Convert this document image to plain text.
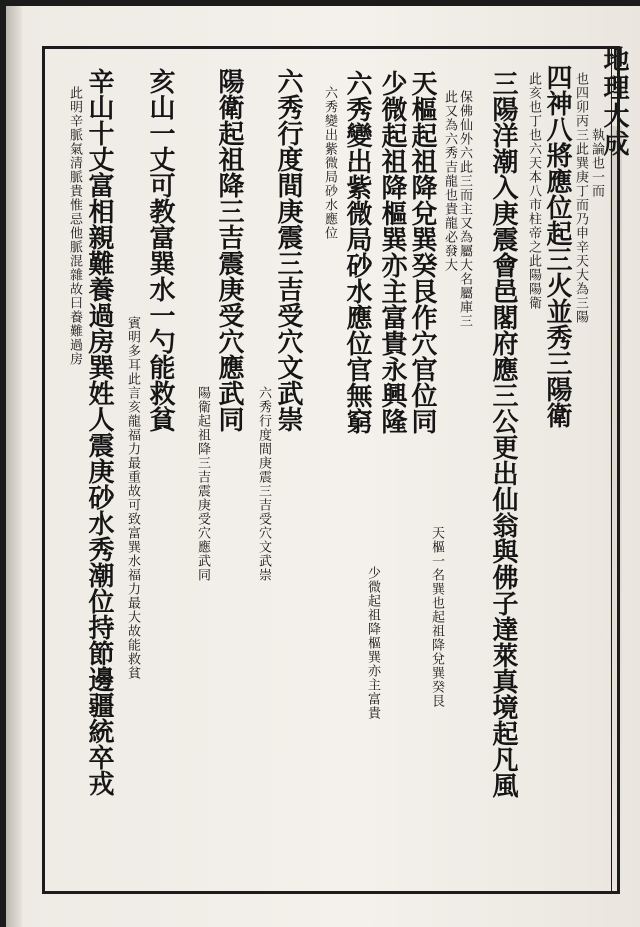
地理大成
四神八將應位起三火並秀三陽衛
三陽洋潮入庚震會邑閣府應三公更出仙翁與佛子達萊真境起凡風
天樞起祖降兌巽癸艮作穴官位同
少微起祖降樞巽亦主富貴永興隆
六秀變出紫微局砂水應位官無窮
六秀行度間庚震三吉受穴文武崇
陽衛起祖降三吉震庚受穴應武同
亥山一丈可教富巽水一勺能救貧
辛山十丈富相親難養過房巽姓人震庚砂水秀潮位持節邊疆統卒戎	執論也一而
也四卯丙三此巽庚丁而乃申辛天大為三陽
此亥也丁也六天本八市柱帝之此陽陽衛
保佛仙外六此三而主又為屬大名屬庫三
此又為六秀吉龍也貴龍必發大
天樞一名巽也起祖降兌巽癸艮
少微起祖降樞巽亦主富貴
六秀變出紫微局砂水應位
六秀行度間庚震三吉受穴文武崇
陽衛起祖降三吉震庚受穴應武同
賓明多耳此言亥龍福力最重故可致富巽水福力最大故能救貧
此明辛脈氣清脈貴惟忌他脈混雜故曰養難過房
